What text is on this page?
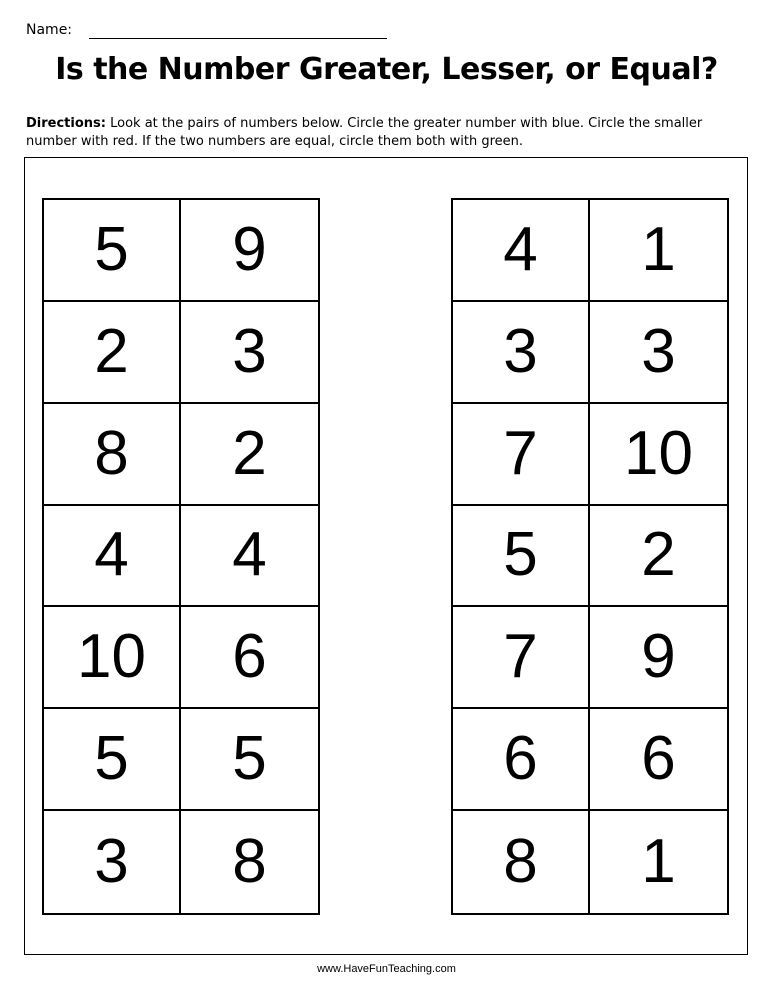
Name:
Is the Number Greater, Lesser, or Equal?
Directions: Look at the pairs of numbers below. Circle the greater number with blue. Circle the smaller number with red. If the two numbers are equal, circle them both with green.
5	9
2	3
8	2
4	4
10	6
5	5
3	8
4	1
3	3
7	10
5	2
7	9
6	6
8	1
www.HaveFunTeaching.com
